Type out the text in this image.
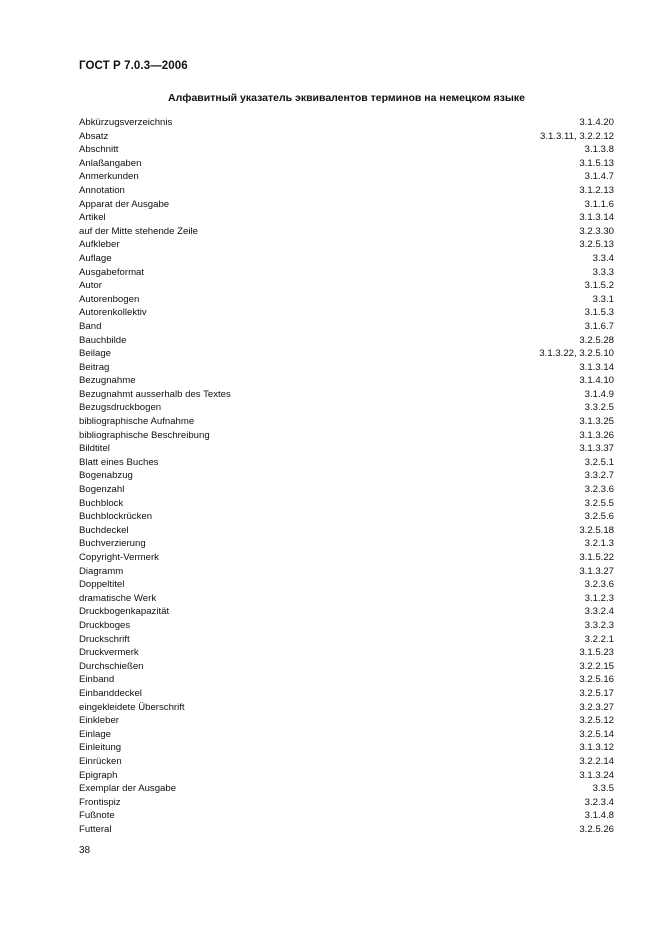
ГОСТ Р 7.0.3—2006
Алфавитный указатель эквивалентов терминов на немецком языке
Abkürzugsverzeichnis	3.1.4.20
Absatz	3.1.3.11, 3.2.2.12
Abschnitt	3.1.3.8
Anlaßangaben	3.1.5.13
Anmerkunden	3.1.4.7
Annotation	3.1.2.13
Apparat der Ausgabe	3.1.1.6
Artikel	3.1.3.14
auf der Mitte stehende Zeile	3.2.3.30
Aufkleber	3.2.5.13
Auflage	3.3.4
Ausgabeformat	3.3.3
Autor	3.1.5.2
Autorenbogen	3.3.1
Autorenkollektiv	3.1.5.3
Band	3.1.6.7
Bauchbilde	3.2.5.28
Beilage	3.1.3.22, 3.2.5.10
Beitrag	3.1.3.14
Bezugnahme	3.1.4.10
Bezugnahmt ausserhalb des Textes	3.1.4.9
Bezugsdruckbogen	3.3.2.5
bibliographische Aufnahme	3.1.3.25
bibliographische Beschreibung	3.1.3.26
Bildtitel	3.1.3.37
Blatt eines Buches	3.2.5.1
Bogenabzug	3.3.2.7
Bogenzahl	3.2.3.6
Buchblock	3.2.5.5
Buchblockrücken	3.2.5.6
Buchdeckel	3.2.5.18
Buchverzierung	3.2.1.3
Copyright-Vermerk	3.1.5.22
Diagramm	3.1.3.27
Doppeltitel	3.2.3.6
dramatische Werk	3.1.2.3
Druckbogenkapazität	3.3.2.4
Druckboges	3.3.2.3
Druckschrift	3.2.2.1
Druckvermerk	3.1.5.23
Durchschießen	3.2.2.15
Einband	3.2.5.16
Einbanddeckel	3.2.5.17
eingekleidete Überschrift	3.2.3.27
Einkleber	3.2.5.12
Einlage	3.2.5.14
Einleitung	3.1.3.12
Einrücken	3.2.2.14
Epigraph	3.1.3.24
Exemplar der Ausgabe	3.3.5
Frontispiz	3.2.3.4
Fußnote	3.1.4.8
Futteral	3.2.5.26
38
